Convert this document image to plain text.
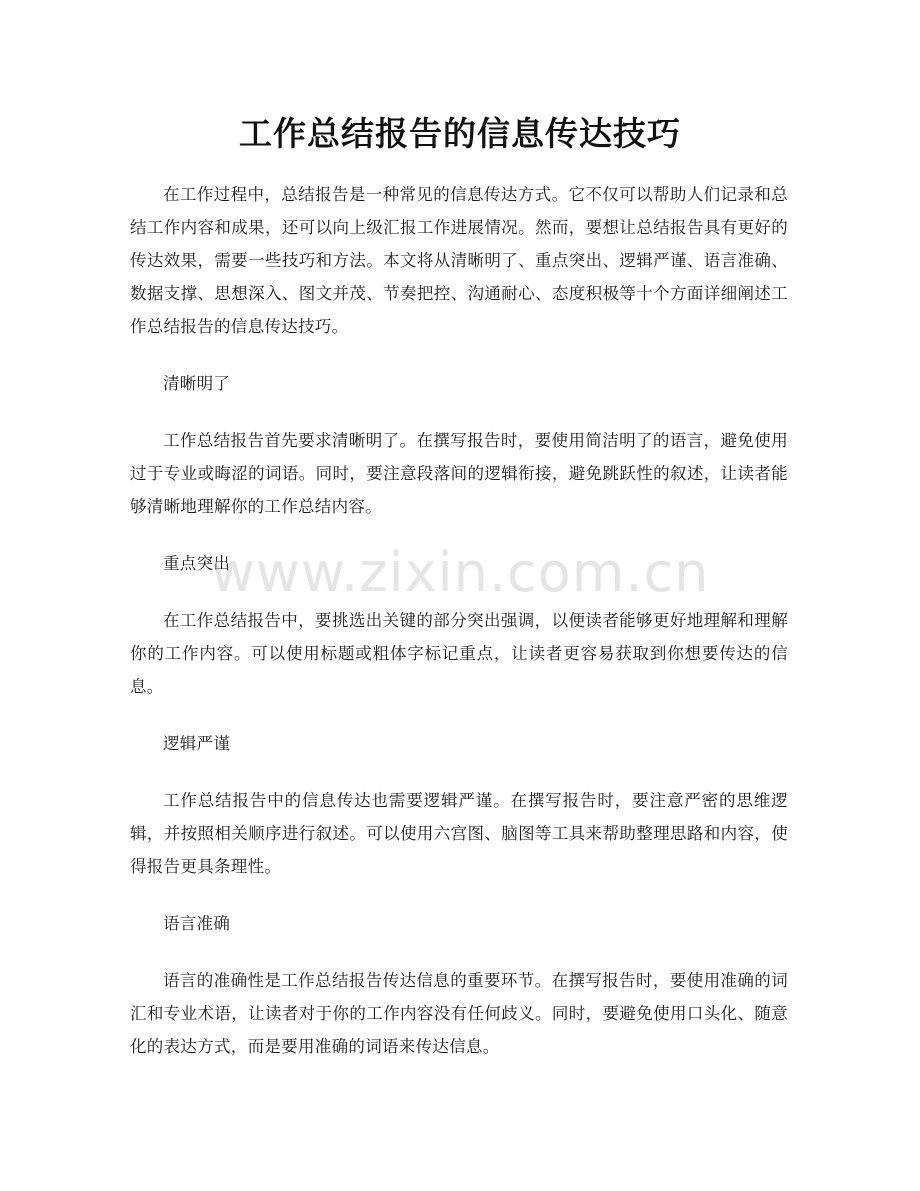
工作总结报告的信息传达技巧

在工作过程中，总结报告是一种常见的信息传达方式。它不仅可以帮助人们记录和总结工作内容和成果，还可以向上级汇报工作进展情况。然而，要想让总结报告具有更好的传达效果，需要一些技巧和方法。本文将从清晰明了、重点突出、逻辑严谨、语言准确、数据支撑、思想深入、图文并茂、节奏把控、沟通耐心、态度积极等十个方面详细阐述工作总结报告的信息传达技巧。

清晰明了

工作总结报告首先要求清晰明了。在撰写报告时，要使用简洁明了的语言，避免使用过于专业或晦涩的词语。同时，要注意段落间的逻辑衔接，避免跳跃性的叙述，让读者能够清晰地理解你的工作总结内容。

重点突出

在工作总结报告中，要挑选出关键的部分突出强调，以便读者能够更好地理解和理解你的工作内容。可以使用标题或粗体字标记重点，让读者更容易获取到你想要传达的信息。

逻辑严谨

工作总结报告中的信息传达也需要逻辑严谨。在撰写报告时，要注意严密的思维逻辑，并按照相关顺序进行叙述。可以使用六宫图、脑图等工具来帮助整理思路和内容，使得报告更具条理性。

语言准确

语言的准确性是工作总结报告传达信息的重要环节。在撰写报告时，要使用准确的词汇和专业术语，让读者对于你的工作内容没有任何歧义。同时，要避免使用口头化、随意化的表达方式，而是要用准确的词语来传达信息。

www.zixin.com.cn
